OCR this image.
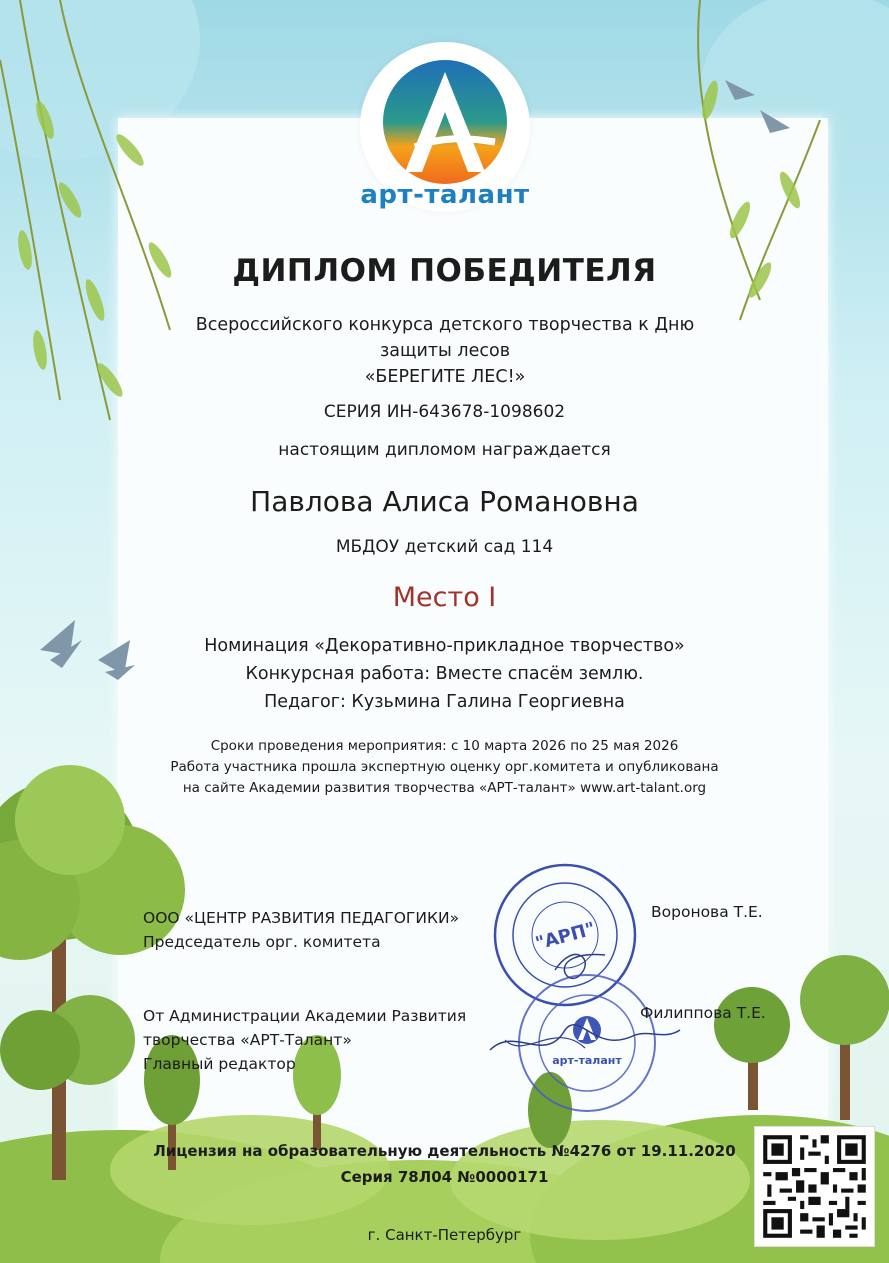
арт-талант
ДИПЛОМ ПОБЕДИТЕЛЯ
Всероссийского конкурса детского творчества к Дню
защиты лесов
«БЕРЕГИТЕ ЛЕС!»
СЕРИЯ ИН-643678-1098602
настоящим дипломом награждается
Павлова Алиса Романовна
МБДОУ детский сад 114
Место I
Номинация «Декоративно-прикладное творчество»
Конкурсная работа: Вместе спасём землю.
Педагог: Кузьмина Галина Георгиевна
Сроки проведения мероприятия: с 10 марта 2026 по 25 мая 2026
Работа участника прошла экспертную оценку орг.комитета и опубликована
на сайте Академии развития творчества «АРТ-талант» www.art-talant.org
"АРП"
арт-талант
ООО «ЦЕНТР РАЗВИТИЯ ПЕДАГОГИКИ»
Председатель орг. комитета
Воронова Т.Е.
От Администрации Академии Развития
творчества «АРТ-Талант»
Главный редактор
Филиппова Т.Е.
Лицензия на образовательную деятельность №4276 от 19.11.2020
Серия 78Л04 №0000171
г. Санкт-Петербург
